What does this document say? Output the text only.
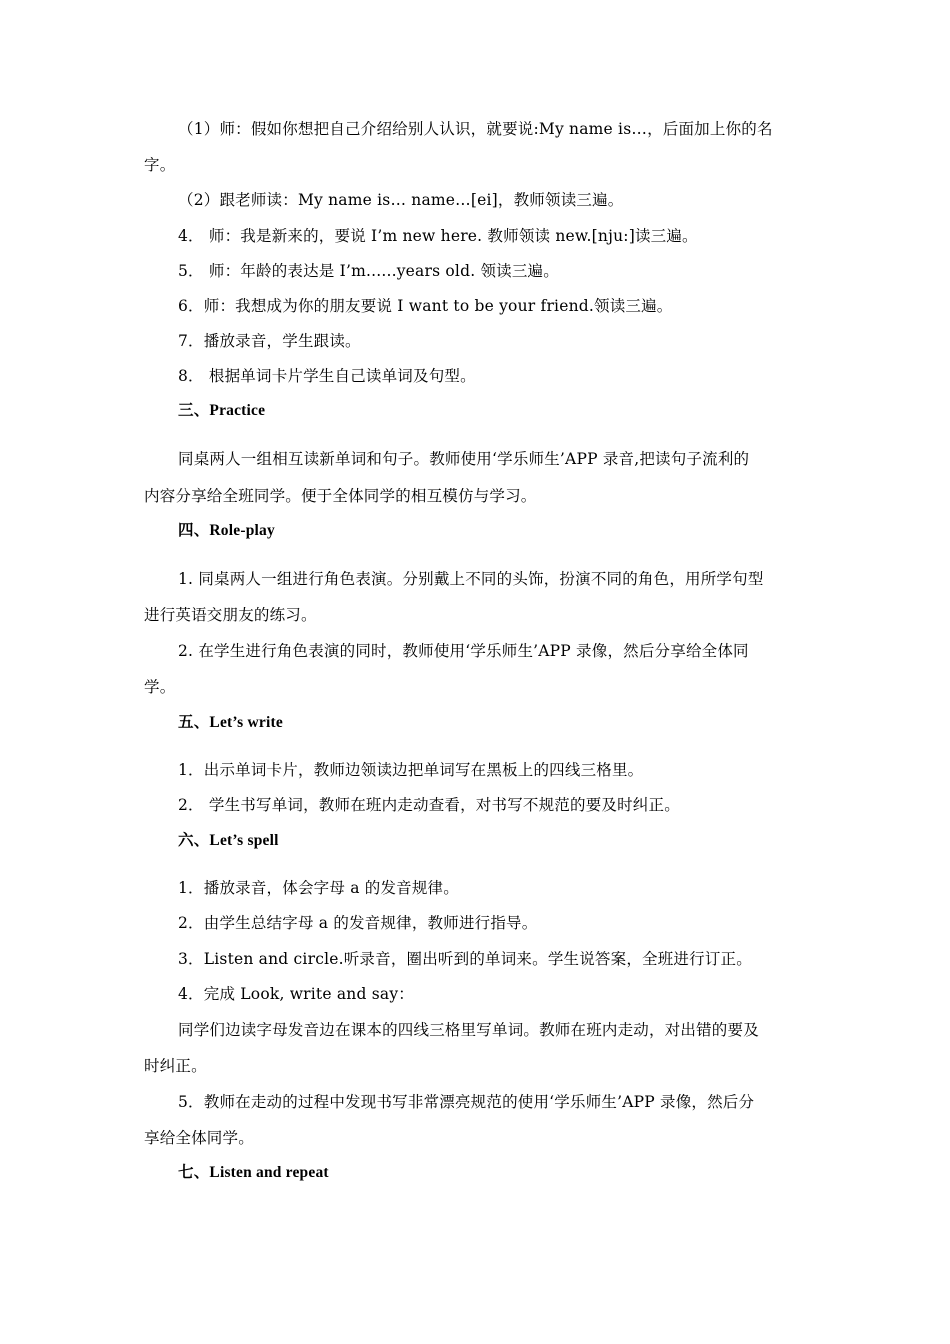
（1）师：假如你想把自己介绍给别人认识，就要说:My name is…，后面加上你的名
字。
（2）跟老师读：My name is… name…[ei]，教师领读三遍。
4． 师：我是新来的，要说 I’m new here. 教师领读 new.[nju:]读三遍。
5． 师：年龄的表达是 I’m......years old. 领读三遍。
6．师：我想成为你的朋友要说 I want to be your friend.领读三遍。
7．播放录音，学生跟读。
8． 根据单词卡片学生自己读单词及句型。
三、Practice
同桌两人一组相互读新单词和句子。教师使用‘学乐师生’APP 录音,把读句子流利的
内容分享给全班同学。便于全体同学的相互模仿与学习。
四、Role-play
1. 同桌两人一组进行角色表演。分别戴上不同的头饰，扮演不同的角色，用所学句型
进行英语交朋友的练习。
2. 在学生进行角色表演的同时，教师使用‘学乐师生’APP 录像，然后分享给全体同
学。
五、Let’s write
1．出示单词卡片，教师边领读边把单词写在黑板上的四线三格里。
2． 学生书写单词，教师在班内走动查看，对书写不规范的要及时纠正。
六、Let’s spell
1．播放录音，体会字母 a 的发音规律。
2．由学生总结字母 a 的发音规律，教师进行指导。
3．Listen and circle.听录音，圈出听到的单词来。学生说答案，全班进行订正。
4．完成 Look, write and say：
同学们边读字母发音边在课本的四线三格里写单词。教师在班内走动，对出错的要及
时纠正。
5．教师在走动的过程中发现书写非常漂亮规范的使用‘学乐师生’APP 录像，然后分
享给全体同学。
七、Listen and repeat
